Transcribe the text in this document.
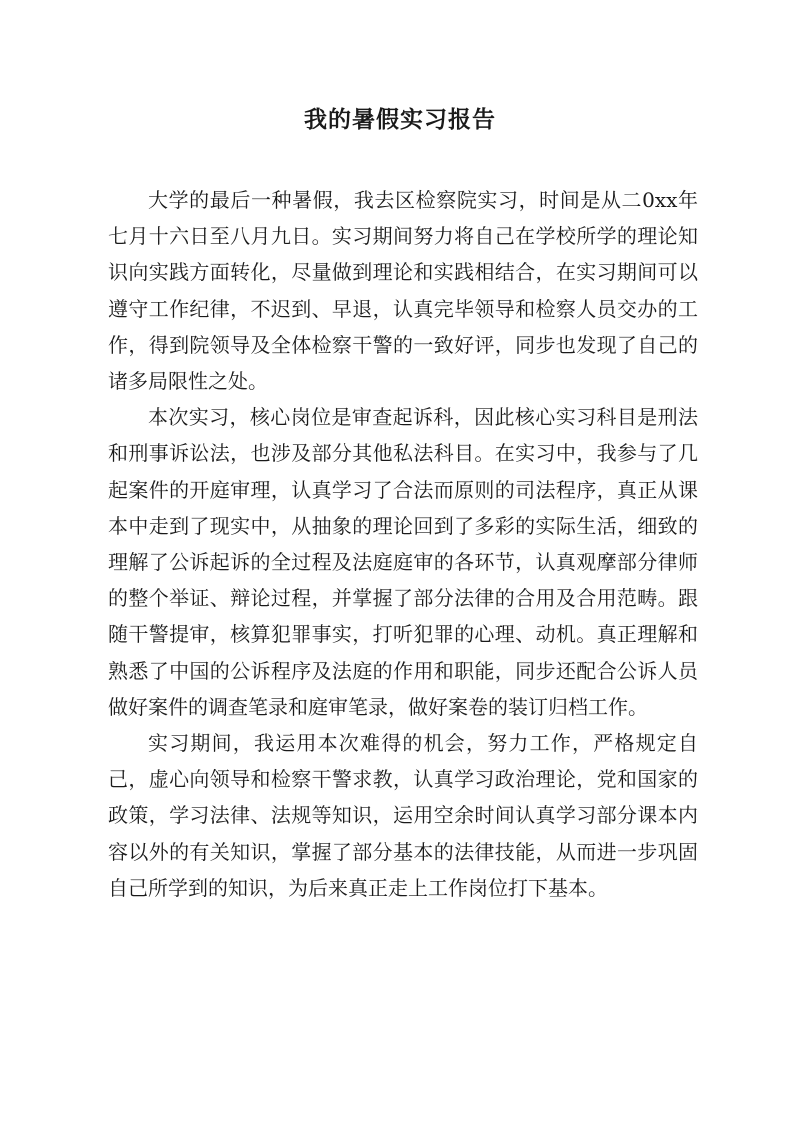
我的暑假实习报告

大学的最后一种暑假，我去区检察院实习，时间是从二0xx年七月十六日至八月九日。实习期间努力将自己在学校所学的理论知识向实践方面转化，尽量做到理论和实践相结合，在实习期间可以遵守工作纪律，不迟到、早退，认真完毕领导和检察人员交办的工作，得到院领导及全体检察干警的一致好评，同步也发现了自己的诸多局限性之处。

本次实习，核心岗位是审查起诉科，因此核心实习科目是刑法和刑事诉讼法，也涉及部分其他私法科目。在实习中，我参与了几起案件的开庭审理，认真学习了合法而原则的司法程序，真正从课本中走到了现实中，从抽象的理论回到了多彩的实际生活，细致的理解了公诉起诉的全过程及法庭庭审的各环节，认真观摩部分律师的整个举证、辩论过程，并掌握了部分法律的合用及合用范畴。跟随干警提审，核算犯罪事实，打听犯罪的心理、动机。真正理解和熟悉了中国的公诉程序及法庭的作用和职能，同步还配合公诉人员做好案件的调查笔录和庭审笔录，做好案卷的装订归档工作。

实习期间，我运用本次难得的机会，努力工作，严格规定自己，虚心向领导和检察干警求教，认真学习政治理论，党和国家的政策，学习法律、法规等知识，运用空余时间认真学习部分课本内容以外的有关知识，掌握了部分基本的法律技能，从而进一步巩固自己所学到的知识，为后来真正走上工作岗位打下基本。
